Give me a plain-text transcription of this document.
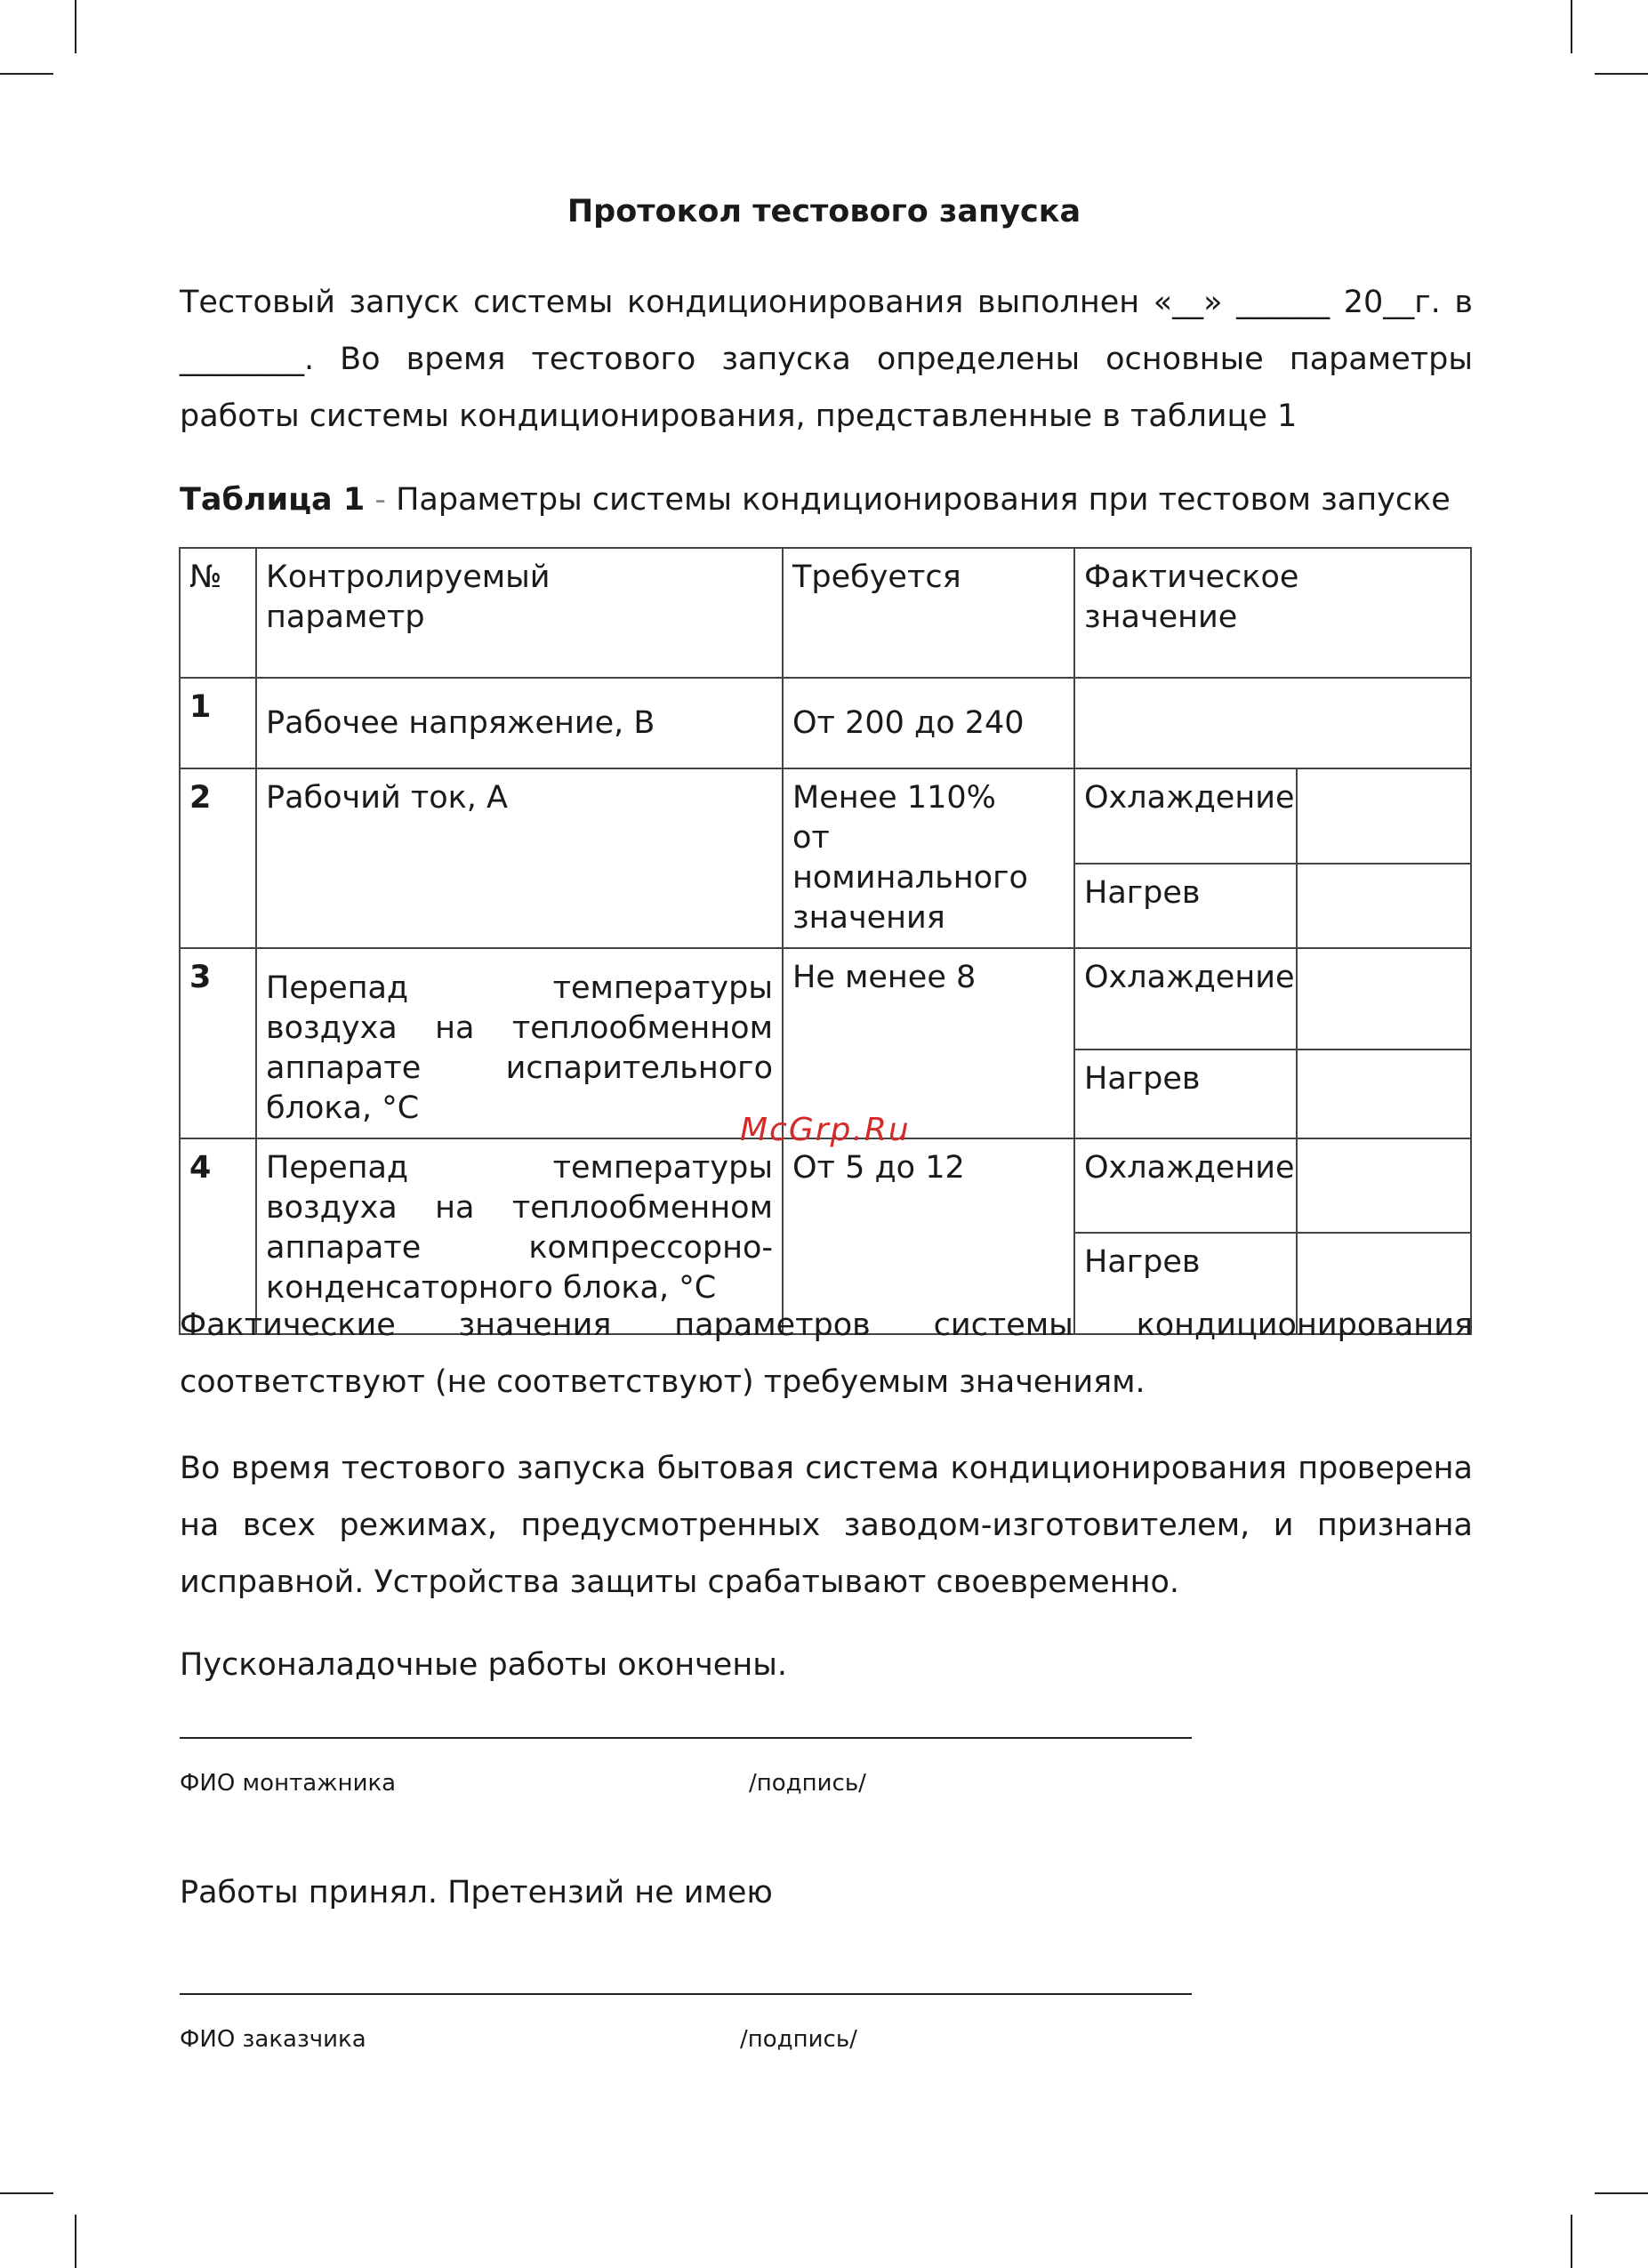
Протокол тестового запуска

Тестовый запуск системы кондиционирования выполнен «__» ______ 20__г. в ________. Во время тестового запуска определены основные параметры работы системы кондиционирования, представленные в таблице 1

Таблица 1 - Параметры системы кондиционирования при тестовом запуске
№	Контролируемый параметр	Требуется	Фактическое значение	
1	Рабочее напряжение, В	От 200 до 240		
2	Рабочий ток, А	Менее 110% от номинального значения	Охлаждение	
			Нагрев	
3	Перепад температуры воздуха на теплообменном аппарате испарительного блока, °С	Не менее 8	Охлаждение	
			Нагрев	
4	Перепад температуры воздуха на теплообменном аппарате компрессорно-конденсаторного блока, °С	От 5 до 12	Охлаждение	
			Нагрев	
McGrp.Ru

Фактические значения параметров системы кондиционирования соответствуют (не соответствуют) требуемым значениям.

Во время тестового запуска бытовая система кондиционирования проверена на всех режимах, предусмотренных заводом-изготовителем, и признана исправной. Устройства защиты срабатывают своевременно.

Пусконаладочные работы окончены.
ФИО монтажника	/подпись/
Работы принял. Претензий не имею
ФИО заказчика	/подпись/
